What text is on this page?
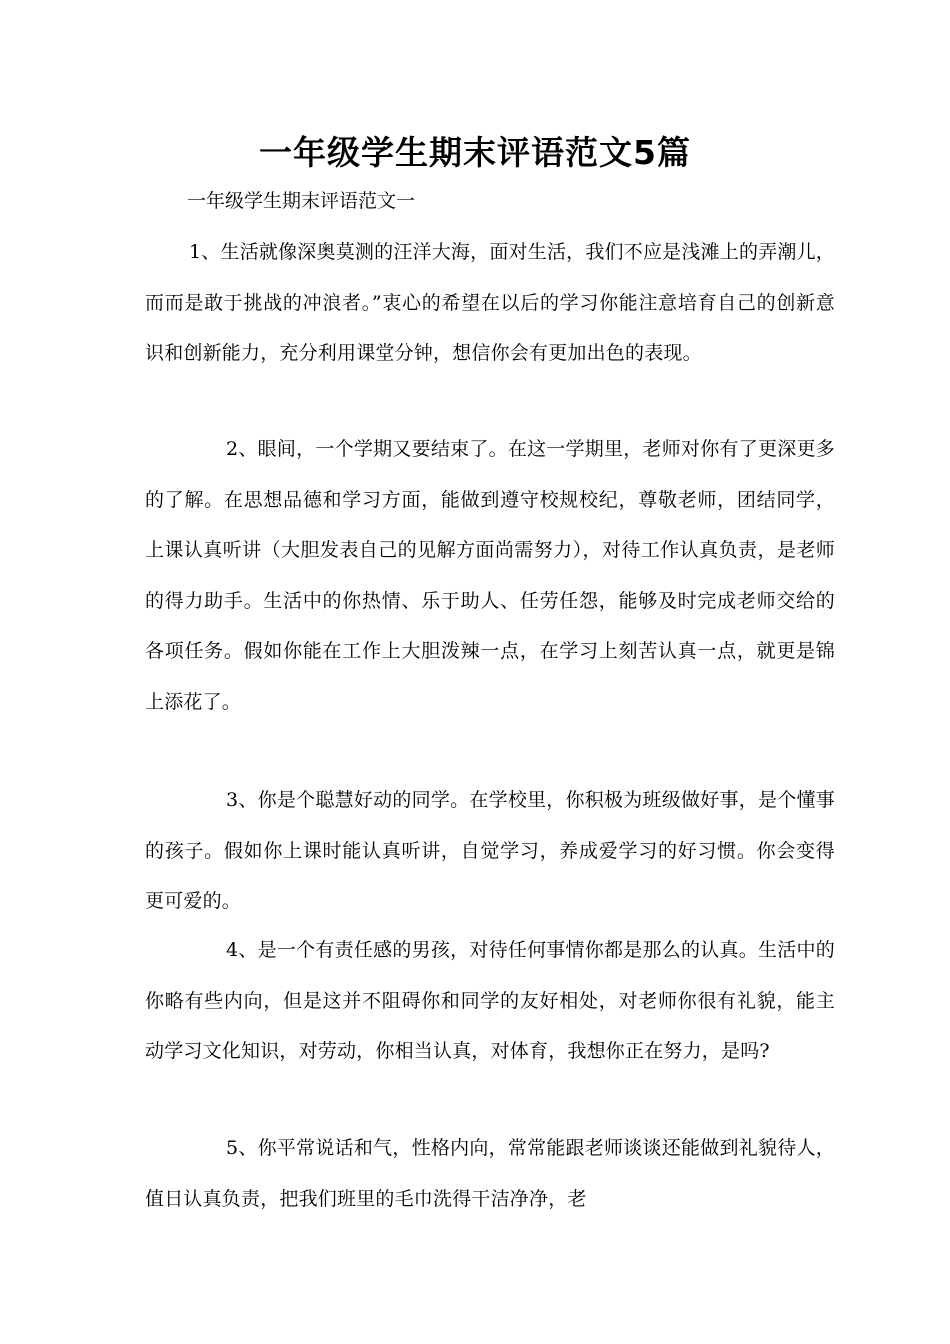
一年级学生期末评语范文5篇

一年级学生期末评语范文一

1、生活就像深奥莫测的汪洋大海，面对生活，我们不应是浅滩上的弄潮儿，而而是敢于挑战的冲浪者。”衷心的希望在以后的学习你能注意培育自己的创新意识和创新能力，充分利用课堂分钟，想信你会有更加出色的表现。

2、眼间，一个学期又要结束了。在这一学期里，老师对你有了更深更多的了解。在思想品德和学习方面，能做到遵守校规校纪，尊敬老师，团结同学，上课认真听讲（大胆发表自己的见解方面尚需努力），对待工作认真负责，是老师的得力助手。生活中的你热情、乐于助人、任劳任怨，能够及时完成老师交给的各项任务。假如你能在工作上大胆泼辣一点，在学习上刻苦认真一点，就更是锦上添花了。

3、你是个聪慧好动的同学。在学校里，你积极为班级做好事，是个懂事的孩子。假如你上课时能认真听讲，自觉学习，养成爱学习的好习惯。你会变得更可爱的。

4、是一个有责任感的男孩，对待任何事情你都是那么的认真。生活中的你略有些内向，但是这并不阻碍你和同学的友好相处，对老师你很有礼貌，能主动学习文化知识，对劳动，你相当认真，对体育，我想你正在努力，是吗?

5、你平常说话和气，性格内向，常常能跟老师谈谈还能做到礼貌待人，值日认真负责，把我们班里的毛巾洗得干洁净净，老
